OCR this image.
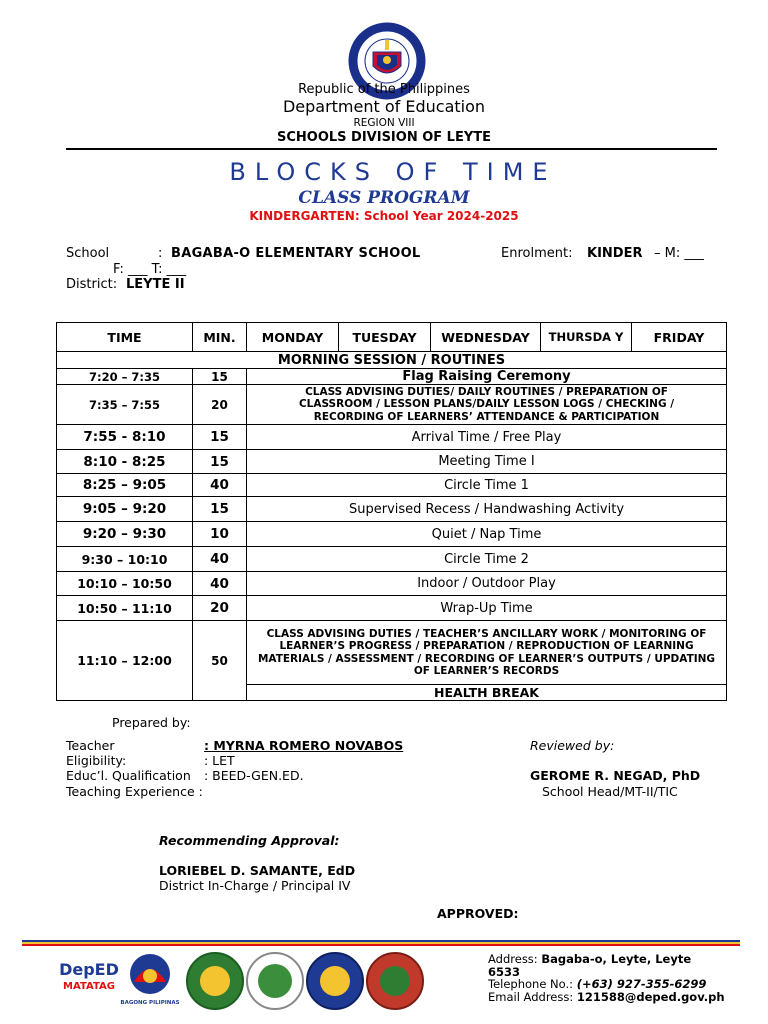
Republic of the Philippines
Department of Education
REGION VIII
SCHOOLS DIVISION OF LEYTE
BLOCKS OF TIME
CLASS PROGRAM
KINDERGARTEN: School Year 2024-2025
School	: BAGABA-O ELEMENTARY SCHOOL	Enrolment: KINDER – M: ___
F: ___ T: ___
District: LEYTE II
TIME	MIN.	MONDAY	TUESDAY	WEDNESDAY	THURSDA Y	FRIDAY
MORNING SESSION / ROUTINES						
7:20 – 7:35	15	Flag Raising Ceremony				
7:35 – 7:55	20	CLASS ADVISING DUTIES/ DAILY ROUTINES / PREPARATION OF CLASSROOM / LESSON PLANS/DAILY LESSON LOGS / CHECKING / RECORDING OF LEARNERS’ ATTENDANCE & PARTICIPATION				
7:55 - 8:10	15	Arrival Time / Free Play				
8:10 - 8:25	15	Meeting Time I				
8:25 – 9:05	40	Circle Time 1				
9:05 – 9:20	15	Supervised Recess / Handwashing Activity				
9:20 – 9:30	10	Quiet / Nap Time				
9:30 – 10:10	40	Circle Time 2				
10:10 – 10:50	40	Indoor / Outdoor Play				
10:50 – 11:10	20	Wrap-Up Time				
11:10 – 12:00	50	CLASS ADVISING DUTIES / TEACHER’S ANCILLARY WORK / MONITORING OF LEARNER’S PROGRESS / PREPARATION / REPRODUCTION OF LEARNING MATERIALS / ASSESSMENT / RECORDING OF LEARNER’S OUTPUTS / UPDATING OF LEARNER’S RECORDS				
		HEALTH BREAK				
Prepared by:
Teacher	: MYRNA ROMERO NOVABOS
Eligibility:	: LET
Educ’l. Qualification : BEED-GEN.ED.
Teaching Experience :
Reviewed by:
GEROME R. NEGAD, PhD
School Head/MT-II/TIC
Recommending Approval:
LORIEBEL D. SAMANTE, EdD
District In-Charge / Principal IV
APPROVED:
DepED
MATATAG
BAGONG PILIPINAS
Address: Bagaba-o, Leyte, Leyte
6533
Telephone No.: (+63) 927-355-6299
Email Address: 121588@deped.gov.ph
